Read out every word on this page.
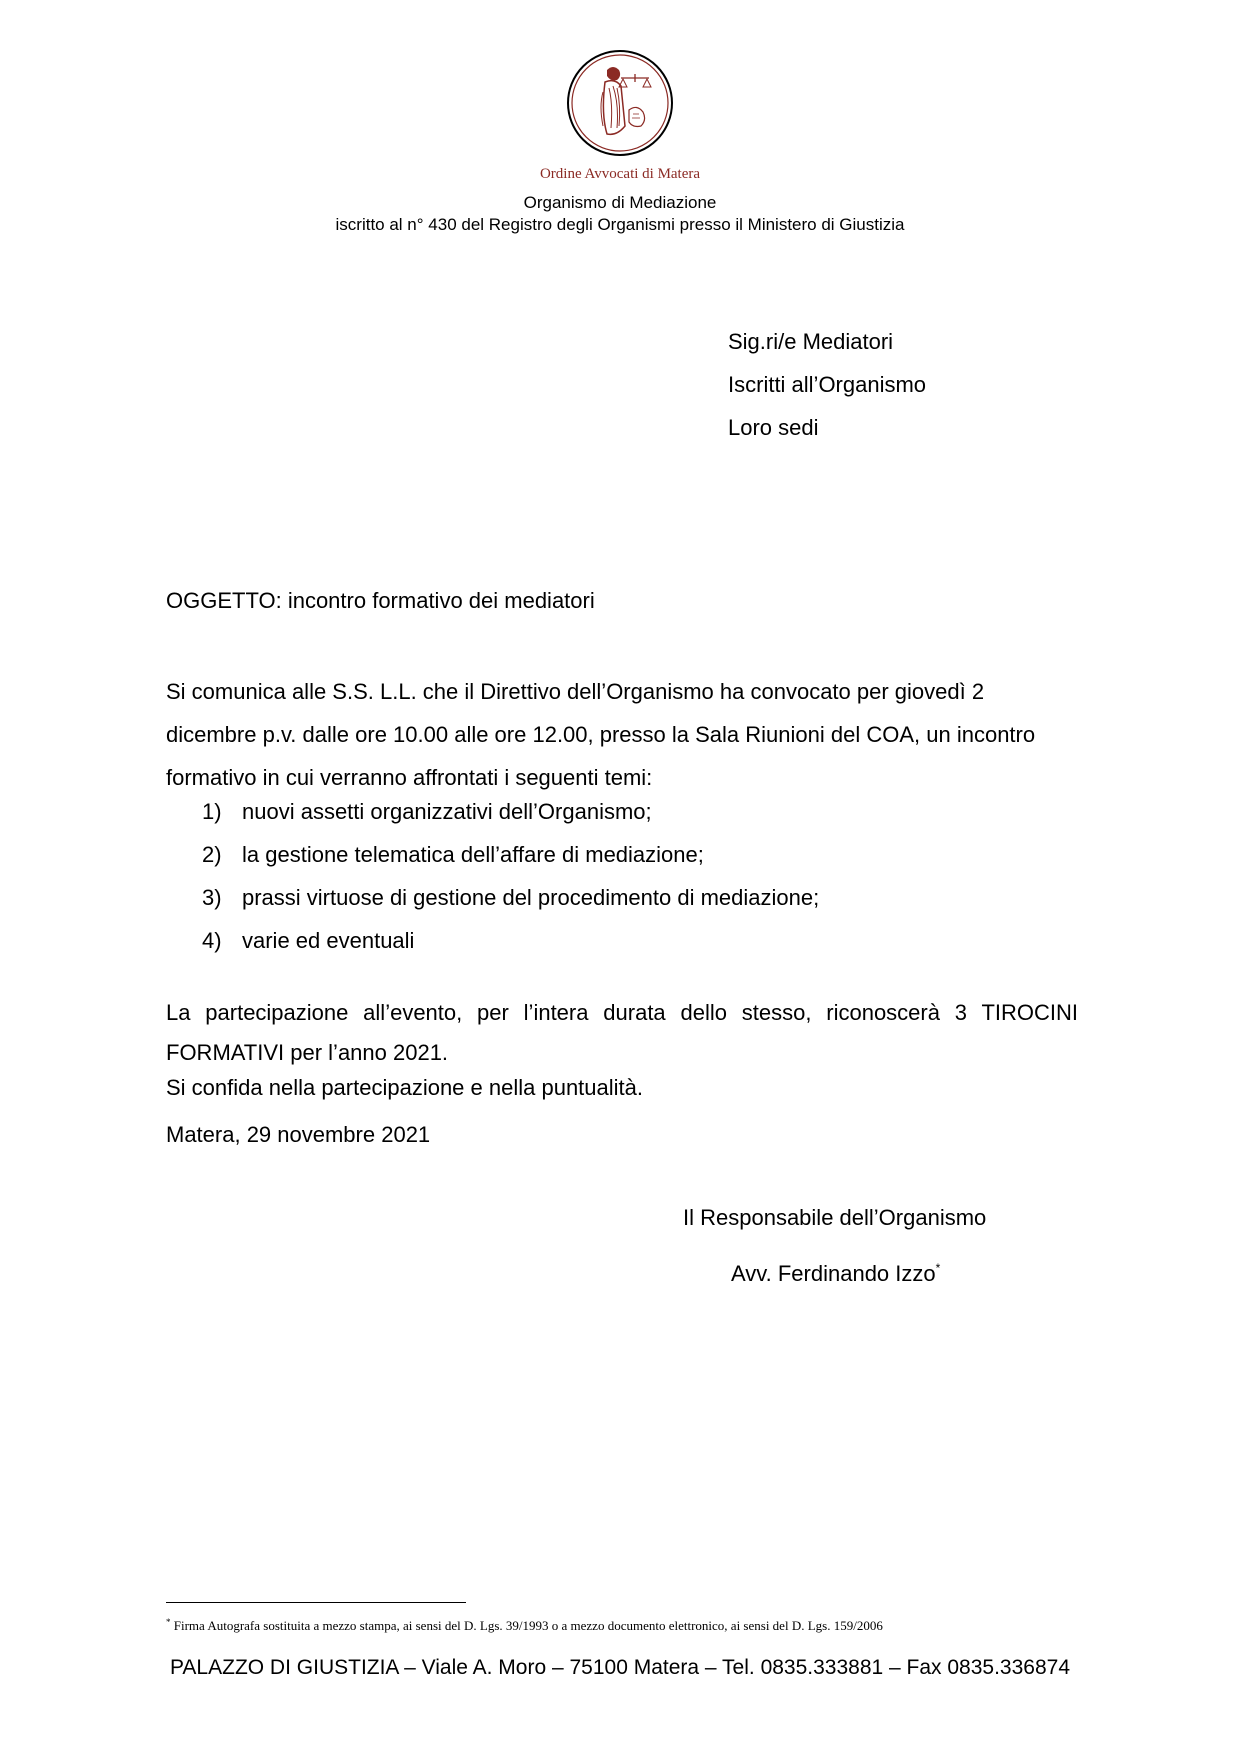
Ordine Avvocati di Matera
Organismo di Mediazione
iscritto al n° 430 del Registro degli Organismi presso il Ministero di Giustizia
Sig.ri/e Mediatori
Iscritti all’Organismo
Loro sedi
OGGETTO: incontro formativo dei mediatori
Si comunica alle S.S. L.L. che il Direttivo dell’Organismo ha convocato per giovedì 2 dicembre p.v. dalle ore 10.00 alle ore 12.00, presso la Sala Riunioni del COA, un incontro formativo in cui verranno affrontati i seguenti temi:
1) nuovi assetti organizzativi dell’Organismo;
2) la gestione telematica dell’affare di mediazione;
3) prassi virtuose di gestione del procedimento di mediazione;
4) varie ed eventuali
La partecipazione all’evento, per l’intera durata dello stesso, riconoscerà 3 TIROCINI FORMATIVI per l’anno 2021.
Si confida nella partecipazione e nella puntualità.
Matera, 29 novembre 2021
Il Responsabile dell’Organismo
Avv. Ferdinando Izzo*
* Firma Autografa sostituita a mezzo stampa, ai sensi del D. Lgs. 39/1993 o a mezzo documento elettronico, ai sensi del D. Lgs. 159/2006
PALAZZO DI GIUSTIZIA – Viale A. Moro – 75100 Matera – Tel. 0835.333881 – Fax 0835.336874
